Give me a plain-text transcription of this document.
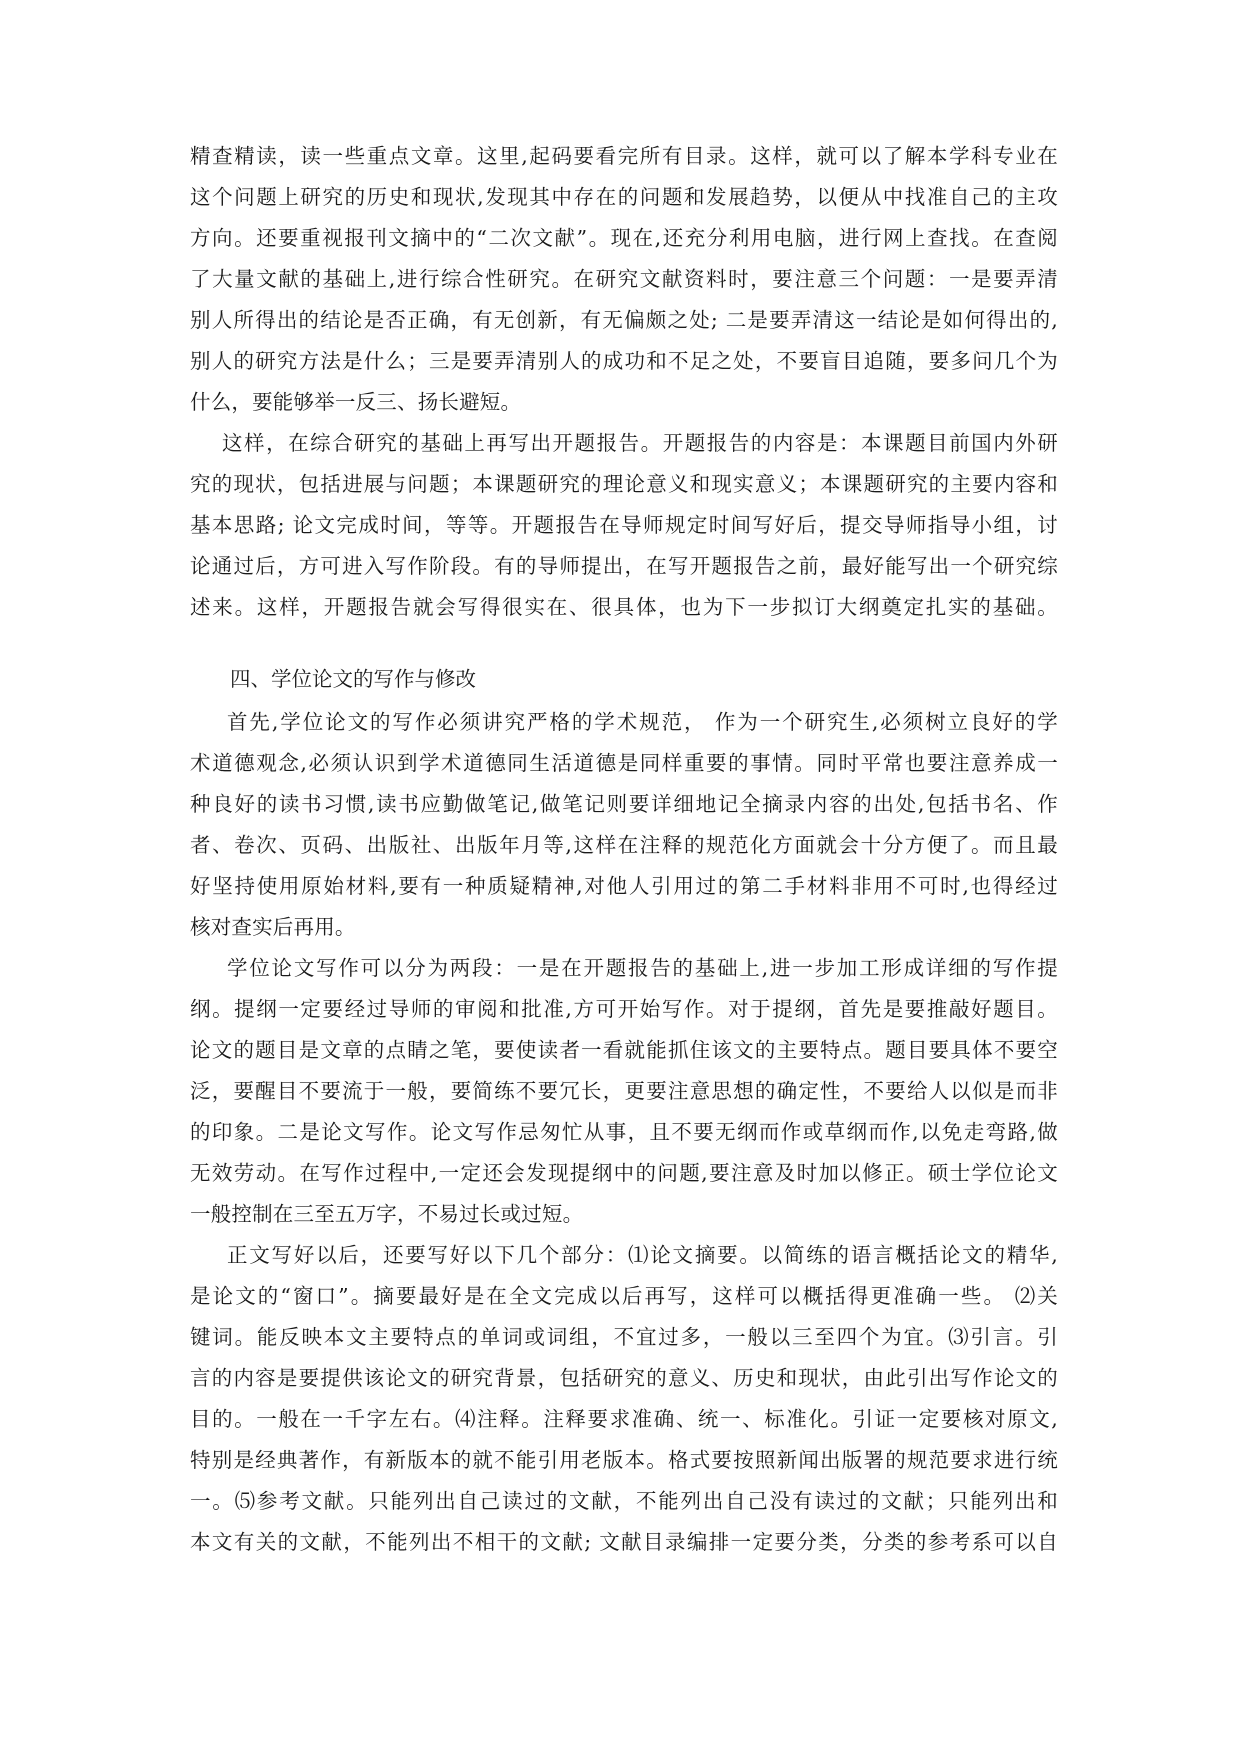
精查精读，读一些重点文章。这里,起码要看完所有目录。这样，就可以了解本学科专业在
这个问题上研究的历史和现状,发现其中存在的问题和发展趋势，以便从中找准自己的主攻
方向。还要重视报刊文摘中的“二次文献”。现在,还充分利用电脑，进行网上查找。在查阅
了大量文献的基础上,进行综合性研究。在研究文献资料时，要注意三个问题：一是要弄清
别人所得出的结论是否正确，有无创新，有无偏颇之处; 二是要弄清这一结论是如何得出的,
别人的研究方法是什么；三是要弄清别人的成功和不足之处，不要盲目追随，要多问几个为
什么，要能够举一反三、扬长避短。
这样，在综合研究的基础上再写出开题报告。开题报告的内容是：本课题目前国内外研
究的现状，包括进展与问题；本课题研究的理论意义和现实意义；本课题研究的主要内容和
基本思路; 论文完成时间，等等。开题报告在导师规定时间写好后，提交导师指导小组，讨
论通过后，方可进入写作阶段。有的导师提出，在写开题报告之前，最好能写出一个研究综
述来。这样，开题报告就会写得很实在、很具体，也为下一步拟订大纲奠定扎实的基础。
四、学位论文的写作与修改
首先,学位论文的写作必须讲究严格的学术规范， 作为一个研究生,必须树立良好的学
术道德观念,必须认识到学术道德同生活道德是同样重要的事情。同时平常也要注意养成一
种良好的读书习惯,读书应勤做笔记,做笔记则要详细地记全摘录内容的出处,包括书名、作
者、卷次、页码、出版社、出版年月等,这样在注释的规范化方面就会十分方便了。而且最
好坚持使用原始材料,要有一种质疑精神,对他人引用过的第二手材料非用不可时,也得经过
核对查实后再用。
学位论文写作可以分为两段：一是在开题报告的基础上,进一步加工形成详细的写作提
纲。提纲一定要经过导师的审阅和批准,方可开始写作。对于提纲，首先是要推敲好题目。
论文的题目是文章的点睛之笔，要使读者一看就能抓住该文的主要特点。题目要具体不要空
泛，要醒目不要流于一般，要简练不要冗长，更要注意思想的确定性，不要给人以似是而非
的印象。二是论文写作。论文写作忌匆忙从事，且不要无纲而作或草纲而作,以免走弯路,做
无效劳动。在写作过程中,一定还会发现提纲中的问题,要注意及时加以修正。硕士学位论文
一般控制在三至五万字，不易过长或过短。
正文写好以后，还要写好以下几个部分：⑴论文摘要。以简练的语言概括论文的精华,
是论文的“窗口”。摘要最好是在全文完成以后再写，这样可以概括得更准确一些。 ⑵关
键词。能反映本文主要特点的单词或词组，不宜过多，一般以三至四个为宜。⑶引言。引
言的内容是要提供该论文的研究背景，包括研究的意义、历史和现状，由此引出写作论文的
目的。一般在一千字左右。⑷注释。注释要求准确、统一、标准化。引证一定要核对原文,
特别是经典著作，有新版本的就不能引用老版本。格式要按照新闻出版署的规范要求进行统
一。⑸参考文献。只能列出自己读过的文献，不能列出自己没有读过的文献；只能列出和
本文有关的文献，不能列出不相干的文献; 文献目录编排一定要分类，分类的参考系可以自
